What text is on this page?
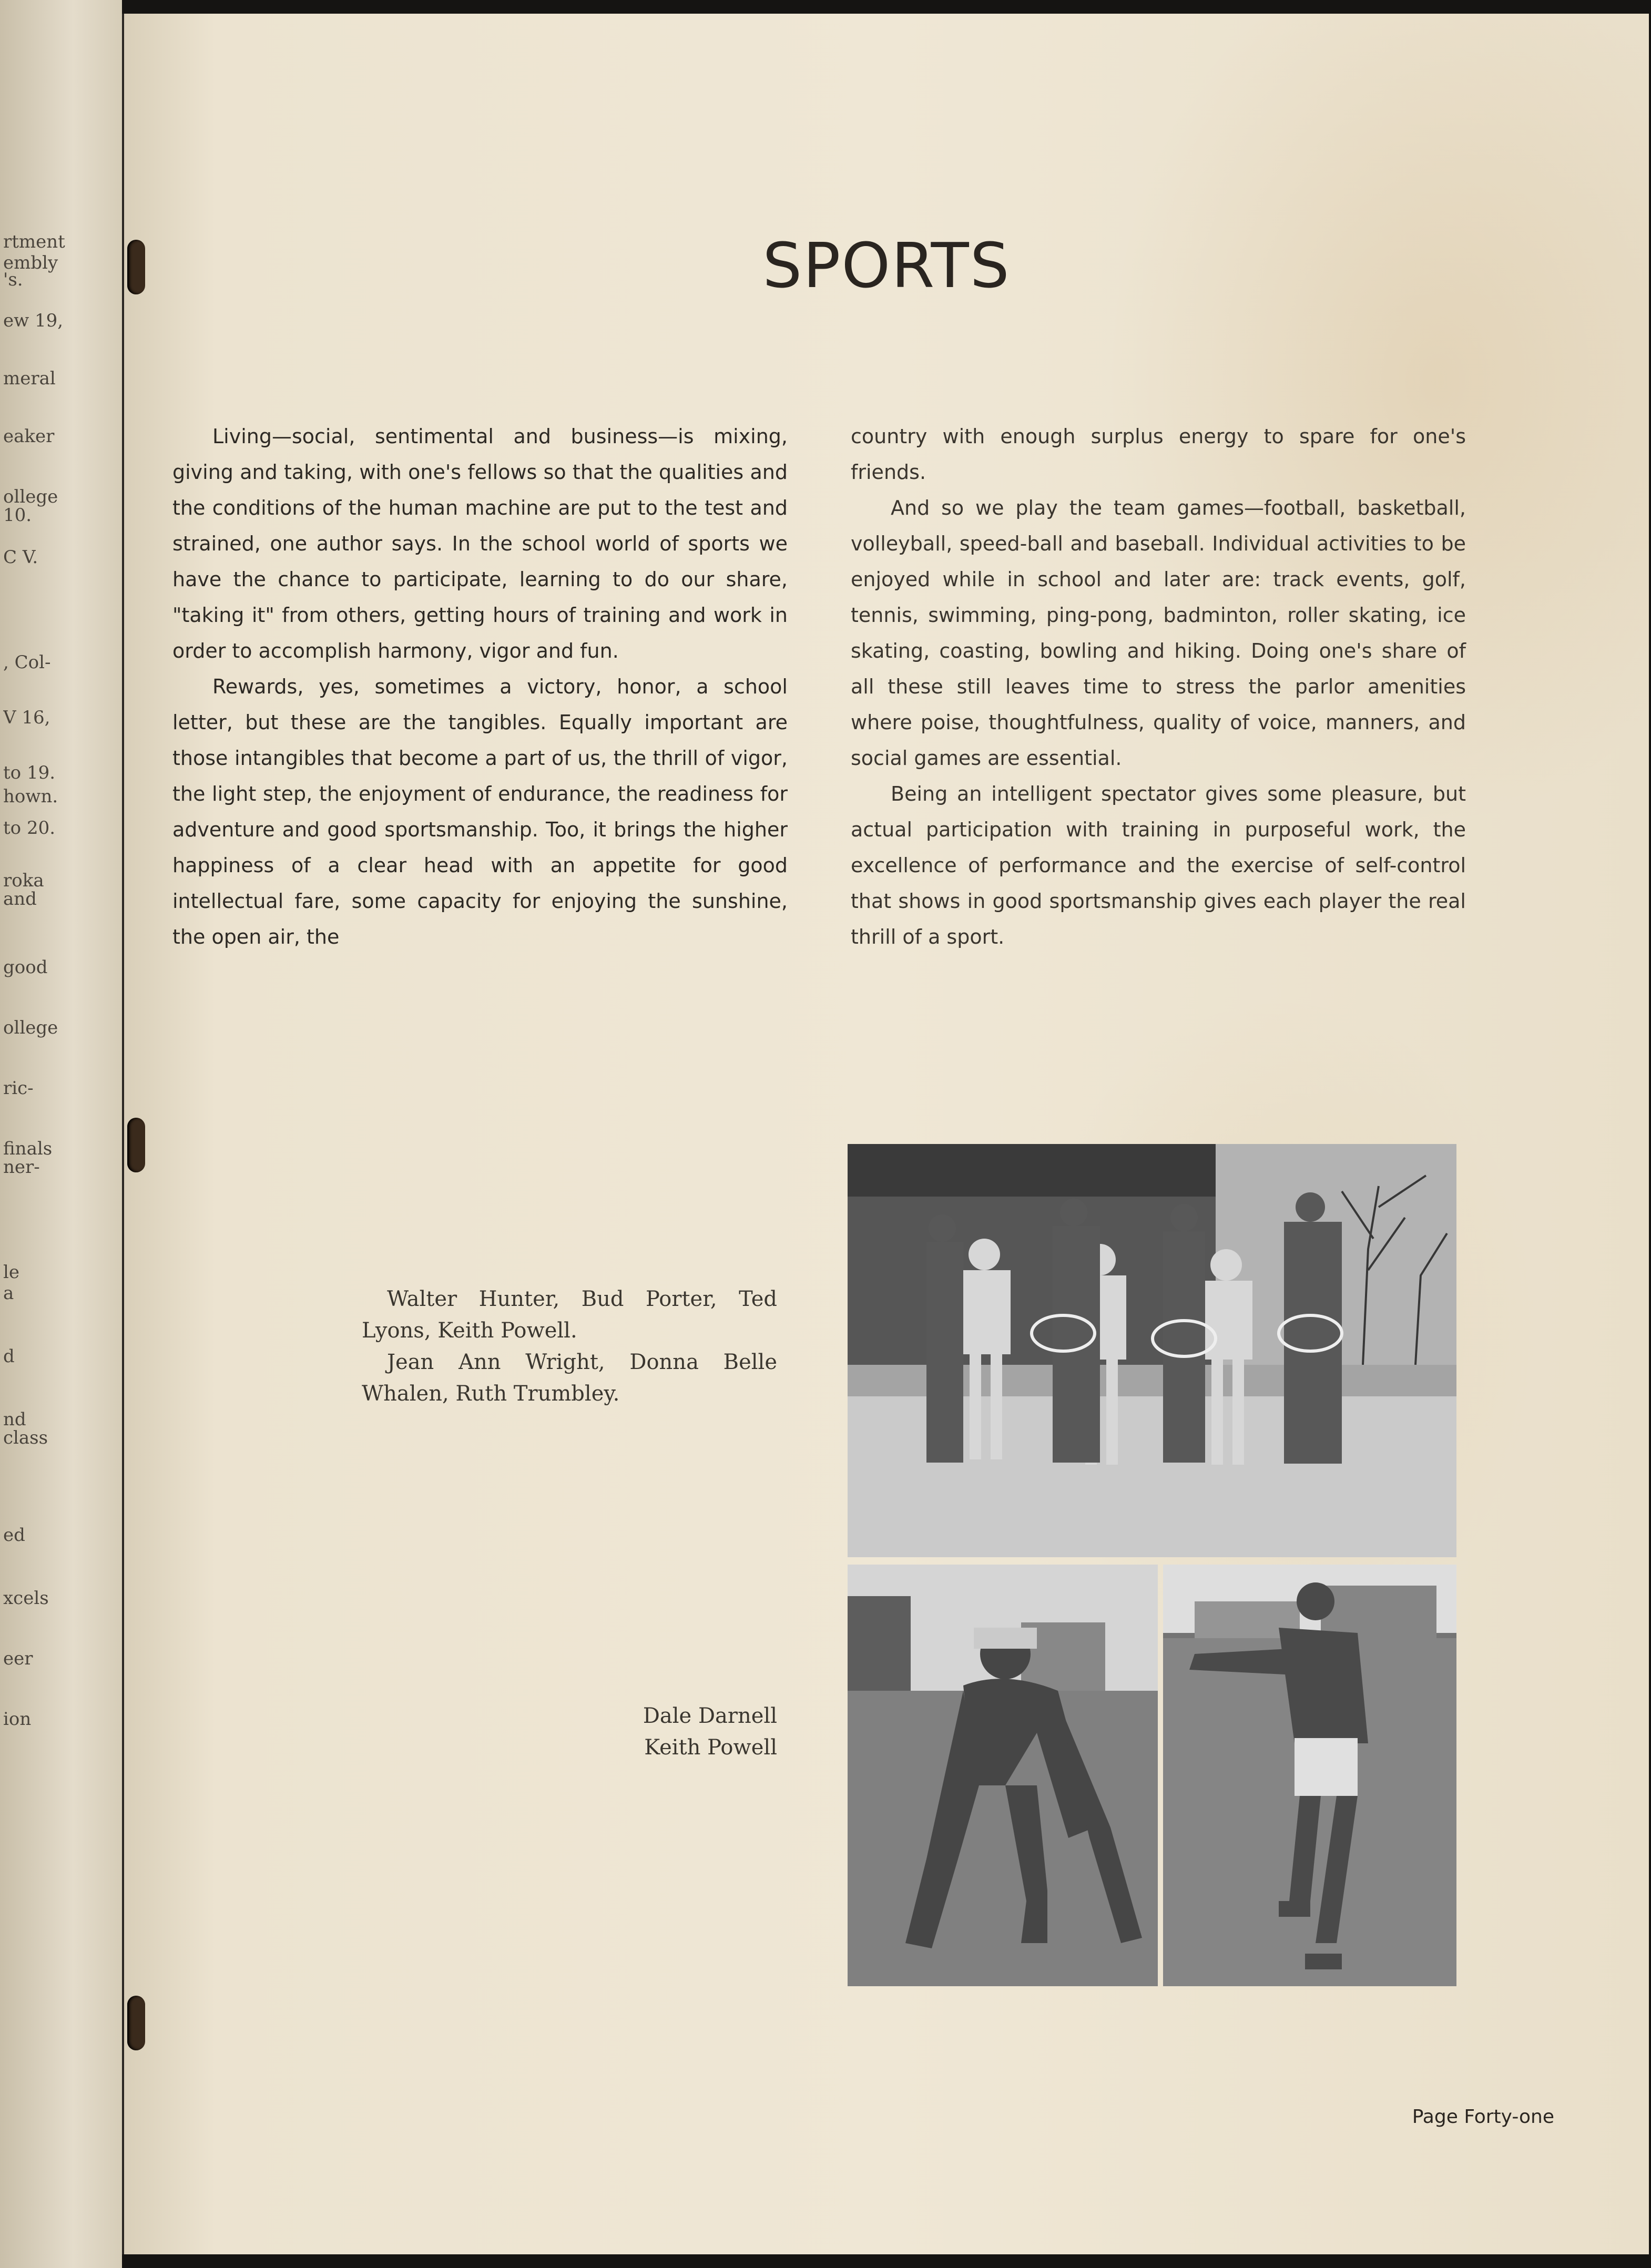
rtment
embly
's.
ew 19,
meral
eaker
ollege
10.
C V.
, Col-
V 16,
to 19.
hown.
to 20.
roka
and
good
ollege
ric-
finals
ner-
le
a
d
nd
class
ed
xcels
eer
ion
SPORTS

Living—social, sentimental and business—is mixing, giving and taking, with one's fellows so that the qualities and the conditions of the human machine are put to the test and strained, one author says. In the school world of sports we have the chance to participate, learning to do our share, "taking it" from others, getting hours of training and work in order to accomplish harmony, vigor and fun.

Rewards, yes, sometimes a victory, honor, a school letter, but these are the tangibles. Equally important are those intangibles that become a part of us, the thrill of vigor, the light step, the enjoyment of endurance, the readiness for adventure and good sportsmanship. Too, it brings the higher happiness of a clear head with an appetite for good intellectual fare, some capacity for enjoying the sunshine, the open air, the

country with enough surplus energy to spare for one's friends.

And so we play the team games—football, basketball, volleyball, speed-ball and baseball. Individual activities to be enjoyed while in school and later are: track events, golf, tennis, swimming, ping-pong, badminton, roller skating, ice skating, coasting, bowling and hiking. Doing one's share of all these still leaves time to stress the parlor amenities where poise, thoughtfulness, quality of voice, manners, and social games are essential.

Being an intelligent spectator gives some pleasure, but actual participation with training in purposeful work, the excellence of performance and the exercise of self-control that shows in good sportsmanship gives each player the real thrill of a sport.

Walter Hunter, Bud Porter, Ted Lyons, Keith Powell.

Jean Ann Wright, Donna Belle Whalen, Ruth Trumbley.

Dale Darnell

Keith Powell

Page Forty-one
